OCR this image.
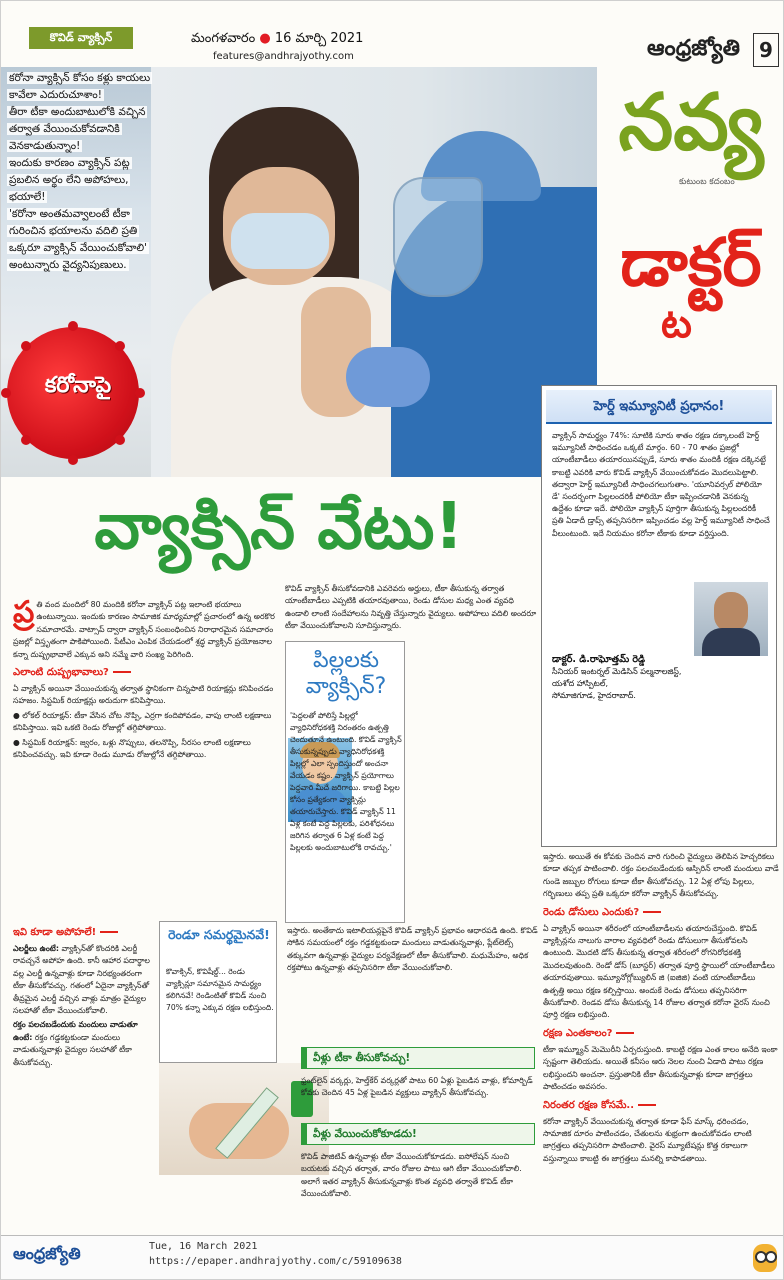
కొవిడ్ వ్యాక్సిన్	మంగళవారం ● 16 మార్చి 2021
features@andhrajyothy.com	ఆంధ్రజ్యోతి 9
కరోనా వ్యాక్సిన్ కోసం కళ్లు కాయలు
కావేలా ఎదురుచూశాం!
తీరా టీకా అందుబాటులోకి వచ్చిన
తర్వాత వేయించుకోవడానికి
వెనకాడుతున్నాం!
ఇందుకు కారణం వ్యాక్సిన్ పట్ల
ప్రబలిన అర్థం లేని అపోహలు,
భయాలే!
'కరోనా అంతమవ్వాలంటే టీకా
గురించిన భయాలను వదిలి ప్రతి
ఒక్కరూ వ్యాక్సిన్ వేయించుకోవాలి'
అంటున్నారు వైద్యనిపుణులు.
కరోనాపై
నవ్య
కుటుంబ కదంబం
డాక్టర్
ట
హెర్డ్ ఇమ్యూనిటీ ప్రధానం!
వ్యాక్సిన్ సామర్థ్యం 74%: సూటికి సూరు శాతం రక్షణ దక్కాలంటే హెర్డ్ ఇమ్యూనిటీ సాధించడం ఒక్కటే మార్గం. 60 - 70 శాతం ప్రజల్లో యాంటీబాడీలు తయారయినప్పుడే, సూరు శాతం మందికీ రక్షణ దక్కినట్టే కాబట్టి ఎవరికి వారు కొవిడ్ వ్యాక్సిన్ వేయించుకోవడం మొదలుపెట్టాలి. తద్వారా హెర్డ్ ఇమ్యూనిటీ సాధించగలుగుతాం. 'యూనివర్సల్ పోలియో డే' సందర్భంగా పిల్లలందరికీ పోలియో టీకా ఇప్పించడానికి వెనకున్న ఉద్దేశం కూడా ఇదే. పోలియో వ్యాక్సిన్ పూర్తిగా తీసుకున్న పిల్లలందరికీ ప్రతి ఏడాదీ డ్రాప్స్ తప్పనిసరిగా ఇప్పించడం వల్ల హెర్డ్ ఇమ్యూనిటీ సాధించే వీలుంటుంది. ఇదే నియమం కరోనా టీకాకు కూడా వర్తిస్తుంది.
డాక్టర్. డి.రాఘోత్తమ్ రెడ్డి
సీనియర్ ఇంటర్నల్ మెడిసిన్ పల్మనాలజిస్ట్,
యశోద హాస్పిటల్,
సోమాజిగూడ, హైదరాబాద్.
వ్యాక్సిన్ వేటు!

కొవిడ్ వ్యాక్సిన్ తీసుకోవడానికి ఎవరెవరు అర్హులు, టీకా తీసుకున్న తర్వాత యాంటీబాడీలు ఎప్పటికి తయారవుతాయి, రెండు డోసుల మధ్య ఎంత వ్యవధి ఉండాలి లాంటి సందేహాలను నివృత్తి చేస్తున్నారు వైద్యులు. అపోహలు వదిలి అందరూ టీకా వేయించుకోవాలని సూచిస్తున్నారు.

ప్ర తి వంద మందిలో 80 మందికి కరోనా వ్యాక్సిన్ పట్ల ఇలాంటి భయాలు ఉంటున్నాయి. ఇందుకు కారణం సామాజిక మాధ్యమాల్లో ప్రచారంలో ఉన్న అరకొర సమాచారమే. వాట్సాప్ ద్వారా వ్యాక్సిన్ సంబంధించిన నిరాధారమైన సమాచారం ప్రజల్లో విస్తృతంగా పాకిపోయింది. పేటీఎం ఎంపిక చేయడంలో శ్రద్ధ వ్యాక్సిన్ ప్రయోజనాల కన్నా దుష్ప్రభావాలే ఎక్కువ అని నమ్మే వారి సంఖ్య పెరిగింది.

ఎలాంటి దుష్ప్రభావాలు?

ఏ వ్యాక్సిన్ అయినా వేయించుకున్న తర్వాత స్థానికంగా చిన్నపాటి రియాక్షన్లు కనిపించడం సహజం. సిస్టమిక్ రియాక్షన్లు అరుదుగా కనిపిస్తాయి.

● లోకల్ రియాక్షన్: టీకా వేసిన చోట నొప్పి, ఎర్రగా కందిపోవడం, వాపు లాంటి లక్షణాలు కనిపిస్తాయి. ఇవి ఒకటి రెండు రోజుల్లో తగ్గిపోతాయి.

● సిస్టమిక్ రియాక్షన్: జ్వరం, ఒళ్లు నొప్పులు, తలనొప్పి, నీరసం లాంటి లక్షణాలు కనిపించవచ్చు. ఇవి కూడా రెండు మూడు రోజుల్లోనే తగ్గిపోతాయి.

ఇవి కూడా అపోహలే!

ఎలర్జీలు ఉంటే: వ్యాక్సిన్‌తో కొందరికి ఎలర్జీ రావచ్చనే అపోహ ఉంది. కానీ ఆహార పదార్థాల వల్ల ఎలర్జీ ఉన్నవాళ్లు కూడా నిరభ్యంతరంగా టీకా తీసుకోవచ్చు. గతంలో ఏదైనా వ్యాక్సిన్‌తో తీవ్రమైన ఎలర్జీ వచ్చిన వాళ్లు మాత్రం వైద్యుల సలహాతో టీకా వేయించుకోవాలి.

రక్తం పలచబడేందుకు మందులు వాడుతూ ఉంటే: రక్తం గడ్డకట్టకుండా మందులు వాడుతున్నవాళ్లు వైద్యుల సలహాతో టీకా తీసుకోవచ్చు.

పిల్లలకు వ్యాక్సిన్?
'పెద్దలతో పోలిస్తే పిల్లల్లో వ్యాధినిరోధకశక్తి నిరంతరం ఉత్పత్తి చెందుతూనే ఉంటుంది. కొవిడ్ వ్యాక్సిన్ తీసుకున్నప్పుడు వ్యాధినిరోధకశక్తి పిల్లల్లో ఎలా స్పందిస్తుందో అంచనా వేయడం కష్టం. వ్యాక్సిన్ ప్రయోగాలు పెద్దవారి మీదే జరిగాయి. కాబట్టి పిల్లల కోసం ప్రత్యేకంగా వ్యాక్సిన్లు తయారుచేస్తారు. కొవిడ్ వ్యాక్సిన్ 11 ఏళ్ల కంటే పెద్ద పిల్లలకు, పరిశోధనలు జరిగిన తర్వాత 6 ఏళ్ల కంటే పెద్ద పిల్లలకు అందుబాటులోకి రావచ్చు.'
రెండూ సమర్థమైనవే!
కొవాక్సిన్, కొవిషీల్డ్... రెండు వ్యాక్సిన్లూ సమానమైన సామర్థ్యం కలిగినవే! రెండింటితో కొవిడ్ నుంచి 70% కన్నా ఎక్కువ రక్షణ లభిస్తుంది.

ఇస్తారు. అంతేకాదు ఇటాలియన్లపైనే కొవిడ్ వ్యాక్సిన్ ప్రభావం ఆధారపడి ఉంది. కొవిడ్ సోకిన సమయంలో రక్తం గడ్డకట్టకుండా మందులు వాడుతున్నవాళ్లు, ప్లేట్‌లెట్స్ తక్కువగా ఉన్నవాళ్లు వైద్యుల పర్యవేక్షణలో టీకా తీసుకోవాలి. మధుమేహం, అధిక రక్తపోటు ఉన్నవాళ్లు తప్పనిసరిగా టీకా వేయించుకోవాలి.

వీళ్లు టీకా తీసుకోవచ్చు!

ఫ్రంట్‌లైన్ వర్కర్లు, హెల్త్‌కేర్ వర్కర్లతో పాటు 60 ఏళ్లు పైబడిన వాళ్లు, కోమార్బిడ్ కోవకు చెందిన 45 ఏళ్ల పైబడిన వ్యక్తులు వ్యాక్సిన్ తీసుకోవచ్చు.

వీళ్లు వేయించుకోకూడదు!

కొవిడ్ పాజిటివ్ ఉన్నవాళ్లు టీకా వేయించుకోకూడదు. ఐసోలేషన్ నుంచి బయటకు వచ్చిన తర్వాత, వారం రోజుల పాటు ఆగి టీకా వేయించుకోవాలి. అలాగే ఇతర వ్యాక్సిన్ తీసుకున్నవాళ్లు కొంత వ్యవధి తర్వాతే కొవిడ్ టీకా వేయించుకోవాలి.

ఇస్తారు. అయితే ఈ కోవకు చెందిన వారి గురించి వైద్యులు తెలిపిన హెచ్చరికలు కూడా తప్పక పాటించాలి. రక్తం పలచబడేందుకు ఆస్పిరిన్ లాంటి మందులు వాడే గుండె జబ్బుల రోగులు కూడా టీకా తీసుకోవచ్చు. 12 ఏళ్ల లోపు పిల్లలు, గర్భిణులు తప్ప ప్రతి ఒక్కరూ కరోనా వ్యాక్సిన్ తీసుకోవచ్చు.

రెండు డోసులు ఎందుకు?

ఏ వ్యాక్సిన్ అయినా శరీరంలో యాంటీబాడీలను తయారుచేస్తుంది. కొవిడ్ వ్యాక్సిన్లను నాలుగు వారాల వ్యవధిలో రెండు డోసులుగా తీసుకోవలసి ఉంటుంది. మొదటి డోస్ తీసుకున్న తర్వాత శరీరంలో రోగనిరోధకశక్తి మొదలవుతుంది. రెండో డోస్ (బూస్టర్) తర్వాత పూర్తి స్థాయిలో యాంటీబాడీలు తయారవుతాయి. ఇమ్యూనోగ్లోబ్యులిన్ జి (ఐజిజి) వంటి యాంటీబాడీలు ఉత్పత్తి అయి రక్షణ కల్పిస్తాయి. అందుకే రెండు డోసులు తప్పనిసరిగా తీసుకోవాలి. రెండవ డోసు తీసుకున్న 14 రోజుల తర్వాత కరోనా వైరస్ నుంచి పూర్తి రక్షణ లభిస్తుంది.

రక్షణ ఎంతకాలం?

టీకా ఇమ్మ్యూన్ మెమొరీని ఏర్పరుస్తుంది. కాబట్టి రక్షణ ఎంత కాలం అనేది ఇంకా స్పష్టంగా తెలియదు. అయితే కనీసం ఆరు నెలల నుంచి ఏడాది పాటు రక్షణ లభిస్తుందని అంచనా. ప్రస్తుతానికి టీకా తీసుకున్నవాళ్లు కూడా జాగ్రత్తలు పాటించడం అవసరం.

నిరంతర రక్షణ కోసమే..

కరోనా వ్యాక్సిన్ వేయించుకున్న తర్వాత కూడా ఫేస్ మాస్క్ ధరించడం, సామాజిక దూరం పాటించడం, చేతులను శుభ్రంగా ఉంచుకోవడం లాంటి జాగ్రత్తలు తప్పనిసరిగా పాటించాలి. వైరస్ మ్యూటేషన్లు కొత్త రకాలుగా వస్తున్నాయి కాబట్టి ఈ జాగ్రత్తలు మనల్ని కాపాడతాయి.

ఆంధ్రజ్యోతి	Tue, 16 March 2021
https://epaper.andhrajyothy.com/c/59109638
